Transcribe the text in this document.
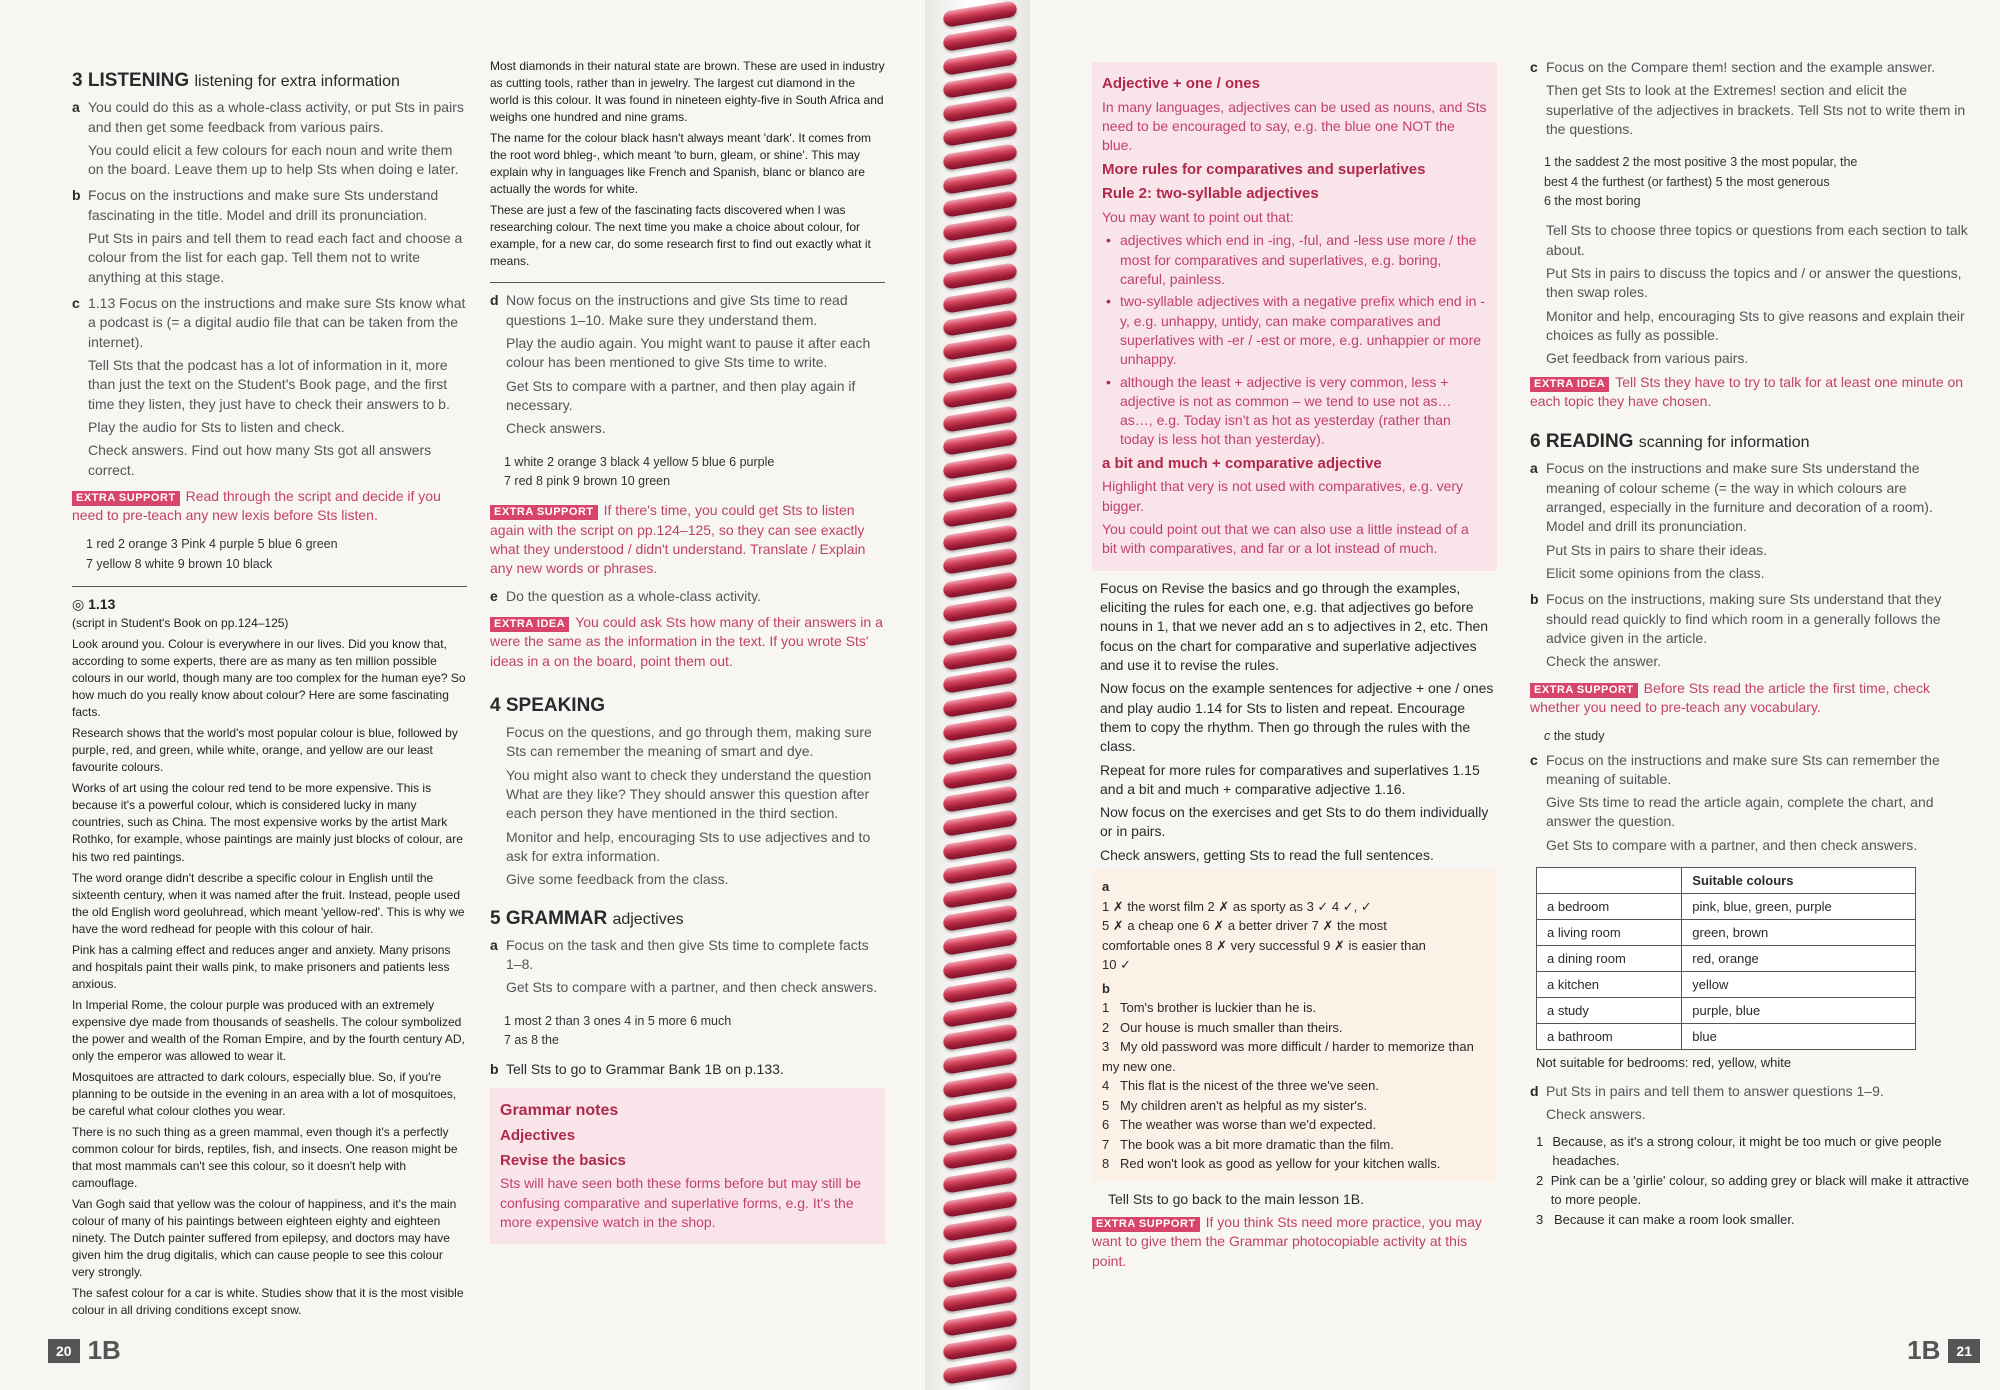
3 LISTENING listening for extra information
a You could do this as a whole-class activity, or put Sts in pairs and then get some feedback from various pairs.

You could elicit a few colours for each noun and write them on the board. Leave them up to help Sts when doing e later.

b Focus on the instructions and make sure Sts understand fascinating in the title. Model and drill its pronunciation.

Put Sts in pairs and tell them to read each fact and choose a colour from the list for each gap. Tell them not to write anything at this stage.

c 1.13 Focus on the instructions and make sure Sts know what a podcast is (= a digital audio file that can be taken from the internet).

Tell Sts that the podcast has a lot of information in it, more than just the text on the Student's Book page, and the first time they listen, they just have to check their answers to b.

Play the audio for Sts to listen and check.

Check answers. Find out how many Sts got all answers correct.

EXTRA SUPPORT Read through the script and decide if you need to pre-teach any new lexis before Sts listen.

1 red 2 orange 3 Pink 4 purple 5 blue 6 green
7 yellow 8 white 9 brown 10 black
◎ 1.13

(script in Student's Book on pp.124–125)

Look around you. Colour is everywhere in our lives. Did you know that, according to some experts, there are as many as ten million possible colours in our world, though many are too complex for the human eye? So how much do you really know about colour? Here are some fascinating facts.

Research shows that the world's most popular colour is blue, followed by purple, red, and green, while white, orange, and yellow are our least favourite colours.

Works of art using the colour red tend to be more expensive. This is because it's a powerful colour, which is considered lucky in many countries, such as China. The most expensive works by the artist Mark Rothko, for example, whose paintings are mainly just blocks of colour, are his two red paintings.

The word orange didn't describe a specific colour in English until the sixteenth century, when it was named after the fruit. Instead, people used the old English word geoluhread, which meant 'yellow-red'. This is why we have the word redhead for people with this colour of hair.

Pink has a calming effect and reduces anger and anxiety. Many prisons and hospitals paint their walls pink, to make prisoners and patients less anxious.

In Imperial Rome, the colour purple was produced with an extremely expensive dye made from thousands of seashells. The colour symbolized the power and wealth of the Roman Empire, and by the fourth century AD, only the emperor was allowed to wear it.

Mosquitoes are attracted to dark colours, especially blue. So, if you're planning to be outside in the evening in an area with a lot of mosquitoes, be careful what colour clothes you wear.

There is no such thing as a green mammal, even though it's a perfectly common colour for birds, reptiles, fish, and insects. One reason might be that most mammals can't see this colour, so it doesn't help with camouflage.

Van Gogh said that yellow was the colour of happiness, and it's the main colour of many of his paintings between eighteen eighty and eighteen ninety. The Dutch painter suffered from epilepsy, and doctors may have given him the drug digitalis, which can cause people to see this colour very strongly.

The safest colour for a car is white. Studies show that it is the most visible colour in all driving conditions except snow.

Most diamonds in their natural state are brown. These are used in industry as cutting tools, rather than in jewelry. The largest cut diamond in the world is this colour. It was found in nineteen eighty-five in South Africa and weighs one hundred and nine grams.

The name for the colour black hasn't always meant 'dark'. It comes from the root word bhleg-, which meant 'to burn, gleam, or shine'. This may explain why in languages like French and Spanish, blanc or blanco are actually the words for white.

These are just a few of the fascinating facts discovered when I was researching colour. The next time you make a choice about colour, for example, for a new car, do some research first to find out exactly what it means.

d Now focus on the instructions and give Sts time to read questions 1–10. Make sure they understand them.

Play the audio again. You might want to pause it after each colour has been mentioned to give Sts time to write.

Get Sts to compare with a partner, and then play again if necessary.

Check answers.

1 white 2 orange 3 black 4 yellow 5 blue 6 purple
7 red 8 pink 9 brown 10 green

EXTRA SUPPORT If there's time, you could get Sts to listen again with the script on pp.124–125, so they can see exactly what they understood / didn't understand. Translate / Explain any new words or phrases.

e Do the question as a whole-class activity.

EXTRA IDEA You could ask Sts how many of their answers in a were the same as the information in the text. If you wrote Sts' ideas in a on the board, point them out.

4 SPEAKING

Focus on the questions, and go through them, making sure Sts can remember the meaning of smart and dye.

You might also want to check they understand the question What are they like? They should answer this question after each person they have mentioned in the third section.

Monitor and help, encouraging Sts to use adjectives and to ask for extra information.

Give some feedback from the class.

5 GRAMMAR adjectives
a Focus on the task and then give Sts time to complete facts 1–8.

Get Sts to compare with a partner, and then check answers.

1 most 2 than 3 ones 4 in 5 more 6 much
7 as 8 the
b Tell Sts to go to Grammar Bank 1B on p.133.

Grammar notes
Adjectives
Revise the basics

Sts will have seen both these forms before but may still be confusing comparative and superlative forms, e.g. It's the more expensive watch in the shop.

20 1B
Adjective + one / ones

In many languages, adjectives can be used as nouns, and Sts need to be encouraged to say, e.g. the blue one NOT the blue.

More rules for comparatives and superlatives
Rule 2: two-syllable adjectives

You may want to point out that:

• adjectives which end in -ing, -ful, and -less use more / the most for comparatives and superlatives, e.g. boring, careful, painless.
• two-syllable adjectives with a negative prefix which end in -y, e.g. unhappy, untidy, can make comparatives and superlatives with -er / -est or more, e.g. unhappier or more unhappy.
• although the least + adjective is very common, less + adjective is not as common – we tend to use not as… as…, e.g. Today isn't as hot as yesterday (rather than today is less hot than yesterday).
a bit and much + comparative adjective

Highlight that very is not used with comparatives, e.g. very bigger.

You could point out that we can also use a little instead of a bit with comparatives, and far or a lot instead of much.

Focus on Revise the basics and go through the examples, eliciting the rules for each one, e.g. that adjectives go before nouns in 1, that we never add an s to adjectives in 2, etc. Then focus on the chart for comparative and superlative adjectives and use it to revise the rules.

Now focus on the example sentences for adjective + one / ones and play audio 1.14 for Sts to listen and repeat. Encourage them to copy the rhythm. Then go through the rules with the class.

Repeat for more rules for comparatives and superlatives 1.15 and a bit and much + comparative adjective 1.16.

Now focus on the exercises and get Sts to do them individually or in pairs.

Check answers, getting Sts to read the full sentences.

a
1 ✗ the worst film 2 ✗ as sporty as 3 ✓ 4 ✓, ✓
5 ✗ a cheap one 6 ✗ a better driver 7 ✗ the most
comfortable ones 8 ✗ very successful 9 ✗ is easier than
10 ✓
b
1 Tom's brother is luckier than he is.
2 Our house is much smaller than theirs.
3 My old password was more difficult / harder to memorize than my new one.
4 This flat is the nicest of the three we've seen.
5 My children aren't as helpful as my sister's.
6 The weather was worse than we'd expected.
7 The book was a bit more dramatic than the film.
8 Red won't look as good as yellow for your kitchen walls.

Tell Sts to go back to the main lesson 1B.

EXTRA SUPPORT If you think Sts need more practice, you may want to give them the Grammar photocopiable activity at this point.

c Focus on the Compare them! section and the example answer.

Then get Sts to look at the Extremes! section and elicit the superlative of the adjectives in brackets. Tell Sts not to write them in the questions.

1 the saddest 2 the most positive 3 the most popular, the
best 4 the furthest (or farthest) 5 the most generous
6 the most boring

Tell Sts to choose three topics or questions from each section to talk about.

Put Sts in pairs to discuss the topics and / or answer the questions, then swap roles.

Monitor and help, encouraging Sts to give reasons and explain their choices as fully as possible.

Get feedback from various pairs.

EXTRA IDEA Tell Sts they have to try to talk for at least one minute on each topic they have chosen.

6 READING scanning for information
a Focus on the instructions and make sure Sts understand the meaning of colour scheme (= the way in which colours are arranged, especially in the furniture and decoration of a room). Model and drill its pronunciation.

Put Sts in pairs to share their ideas.

Elicit some opinions from the class.

b Focus on the instructions, making sure Sts understand that they should read quickly to find which room in a generally follows the advice given in the article.

Check the answer.

EXTRA SUPPORT Before Sts read the article the first time, check whether you need to pre-teach any vocabulary.

c the study

c Focus on the instructions and make sure Sts can remember the meaning of suitable.

Give Sts time to read the article again, complete the chart, and answer the question.

Get Sts to compare with a partner, and then check answers.

	Suitable colours
a bedroom	pink, blue, green, purple
a living room	green, brown
a dining room	red, orange
a kitchen	yellow
a study	purple, blue
a bathroom	blue

Not suitable for bedrooms: red, yellow, white

d Put Sts in pairs and tell them to answer questions 1–9.

Check answers.

1 Because, as it's a strong colour, it might be too much or give people headaches.
2 Pink can be a 'girlie' colour, so adding grey or black will make it attractive to more people.
3 Because it can make a room look smaller.
1B	21
